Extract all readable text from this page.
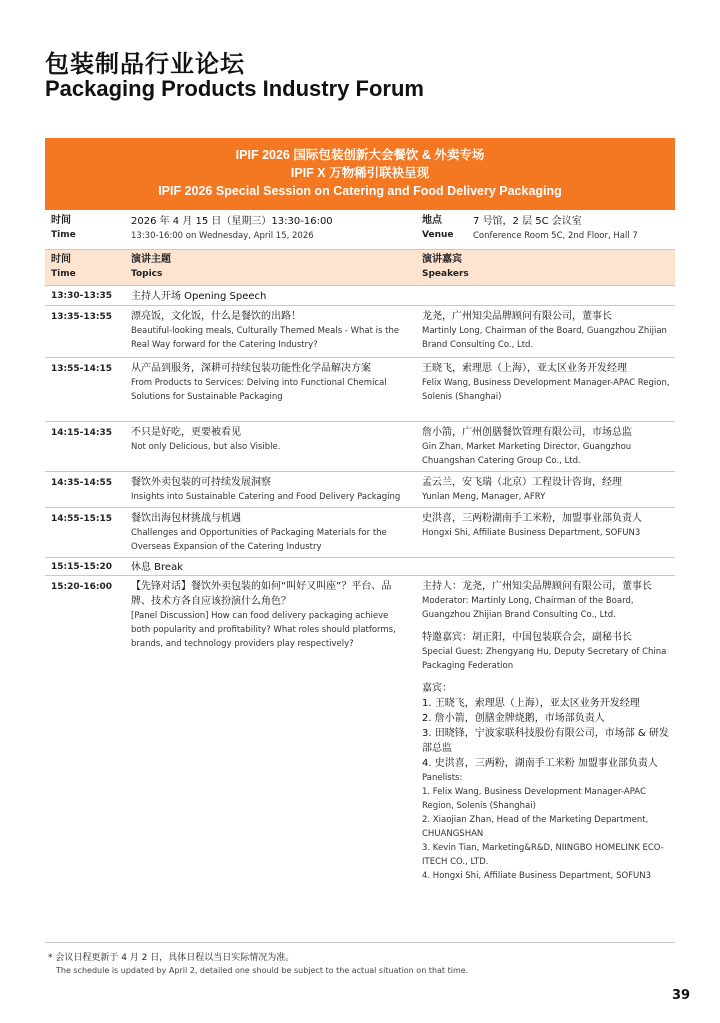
包装制品行业论坛
Packaging Products Industry Forum
IPIF 2026 国际包装创新大会餐饮 & 外卖专场
IPIF X 万物稀引联袂呈现
IPIF 2026 Special Session on Catering and Food Delivery Packaging
时间
Time
2026 年 4 月 15 日（星期三）13:30-16:00
13:30-16:00 on Wednesday, April 15, 2026
地点
Venue
7 号馆，2 层 5C 会议室
Conference Room 5C, 2nd Floor, Hall 7
时间
Time
演讲主题
Topics
演讲嘉宾
Speakers
13:30-13:35 主持人开场 Opening Speech
13:35-13:55 漂亮饭，文化饭，什么是餐饮的出路！
Beautiful-looking meals, Culturally Themed Meals - What is the Real Way forward for the Catering Industry?
龙尧，广州知尖品牌顾问有限公司，董事长
Martinly Long, Chairman of the Board, Guangzhou Zhijian Brand Consulting Co., Ltd.
13:55-14:15 从产品到服务，深耕可持续包装功能性化学品解决方案
From Products to Services: Delving into Functional Chemical Solutions for Sustainable Packaging
王晓飞，索理思（上海），亚太区业务开发经理
Felix Wang, Business Development Manager-APAC Region, Solenis (Shanghai)
14:15-14:35 不只是好吃，更要被看见
Not only Delicious, but also Visible.
詹小箭，广州创膳餐饮管理有限公司，市场总监
Gin Zhan, Market Marketing Director, Guangzhou Chuangshan Catering Group Co., Ltd.
14:35-14:55 餐饮外卖包装的可持续发展洞察
Insights into Sustainable Catering and Food Delivery Packaging
孟云兰，安飞瑞（北京）工程设计咨询，经理
Yunlan Meng, Manager, AFRY
14:55-15:15 餐饮出海包材挑战与机遇
Challenges and Opportunities of Packaging Materials for the Overseas Expansion of the Catering Industry
史洪喜，三两粉湖南手工米粉，加盟事业部负责人
Hongxi Shi, Affiliate Business Department, SOFUN3
15:15-15:20 休息 Break
15:20-16:00 【先锋对话】餐饮外卖包装的如何“叫好又叫座”？平台、品牌、技术方各自应该扮演什么角色？
[Panel Discussion] How can food delivery packaging achieve both popularity and profitability? What roles should platforms, brands, and technology providers play respectively?
主持人：龙尧，广州知尖品牌顾问有限公司，董事长
Moderator: Martinly Long, Chairman of the Board, Guangzhou Zhijian Brand Consulting Co., Ltd.
特邀嘉宾：胡正阳，中国包装联合会，副秘书长
Special Guest: Zhengyang Hu, Deputy Secretary of China Packaging Federation
嘉宾：
1. 王晓飞，索理思（上海），亚太区业务开发经理
2. 詹小箭，创膳金牌烧鹅，市场部负责人
3. 田晓锋，宁波家联科技股份有限公司，市场部 & 研发部总监
4. 史洪喜，三两粉，湖南手工米粉 加盟事业部负责人
Panelists:
1. Felix Wang, Business Development Manager-APAC Region, Solenis (Shanghai)
2. Xiaojian Zhan, Head of the Marketing Department, CHUANGSHAN
3. Kevin Tian, Marketing&R&D, NIINGBO HOMELINK ECO-ITECH CO., LTD.
4. Hongxi Shi, Affiliate Business Department, SOFUN3
* 会议日程更新于 4 月 2 日，具体日程以当日实际情况为准。
The schedule is updated by April 2, detailed one should be subject to the actual situation on that time.
39
